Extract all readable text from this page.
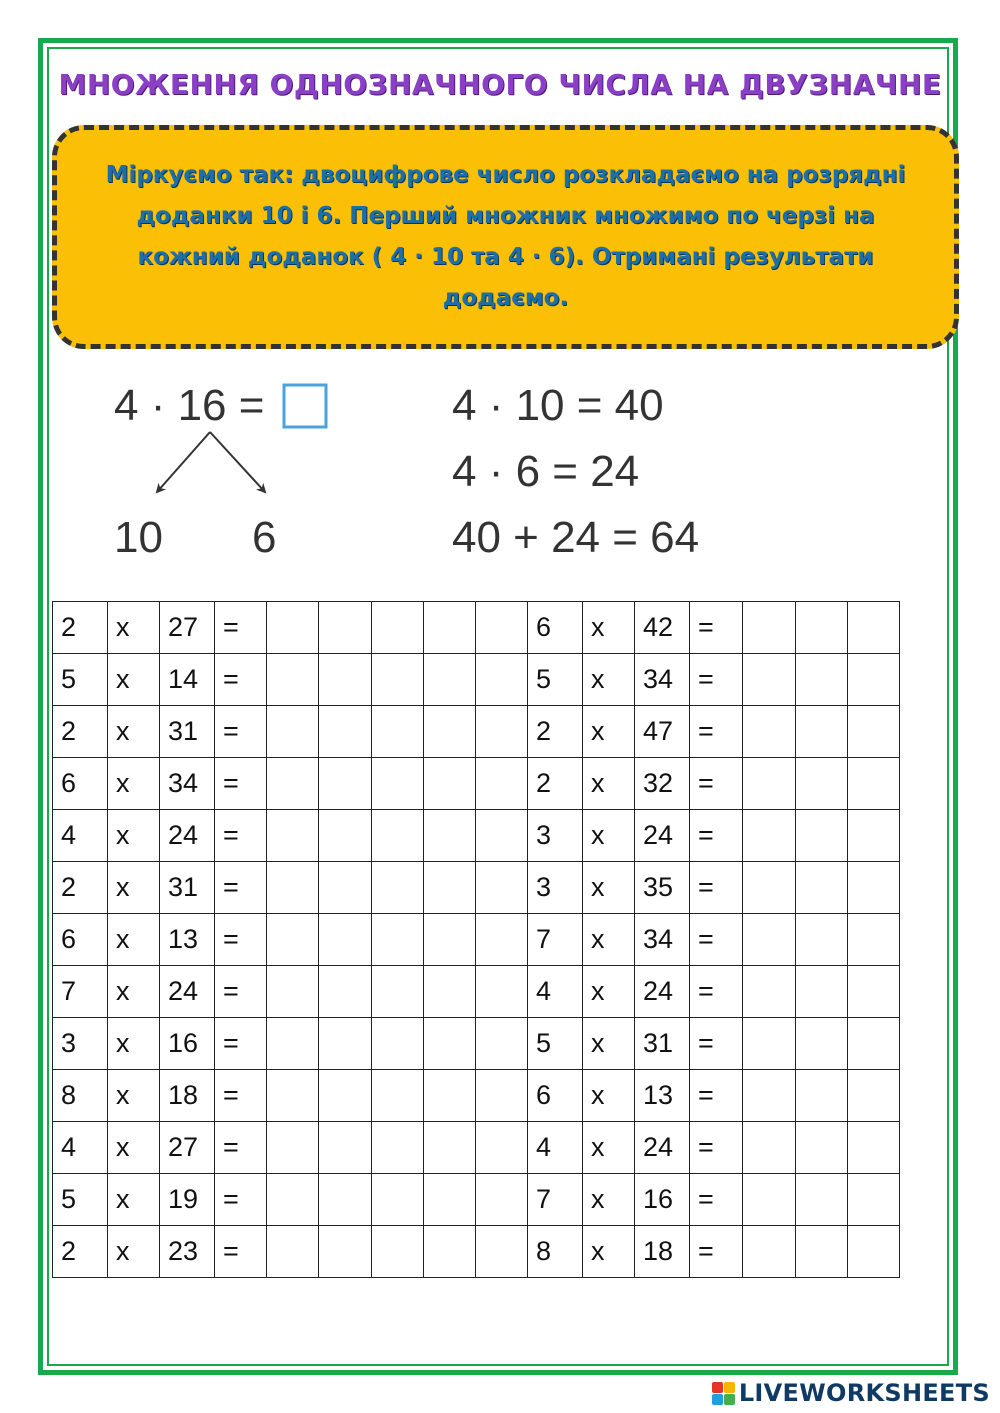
МНОЖЕННЯ ОДНОЗНАЧНОГО ЧИСЛА НА ДВУЗНАЧНЕ
Міркуємо так: двоцифрове число розкладаємо на розрядні доданки 10 і 6. Перший множник множимо по черзі на кожний доданок ( 4 · 10 та 4 · 6). Отримані результати додаємо.
4 · 16 =
10 6
4 · 10 = 40
4 · 6 = 24
40 + 24 = 64
2	x	27	=						6	x	42	=			
5	x	14	=						5	x	34	=			
2	x	31	=						2	x	47	=			
6	x	34	=						2	x	32	=			
4	x	24	=						3	x	24	=			
2	x	31	=						3	x	35	=			
6	x	13	=						7	x	34	=			
7	x	24	=						4	x	24	=			
3	x	16	=						5	x	31	=			
8	x	18	=						6	x	13	=			
4	x	27	=						4	x	24	=			
5	x	19	=						7	x	16	=			
2	x	23	=						8	x	18	=			
LIVEWORKSHEETS
